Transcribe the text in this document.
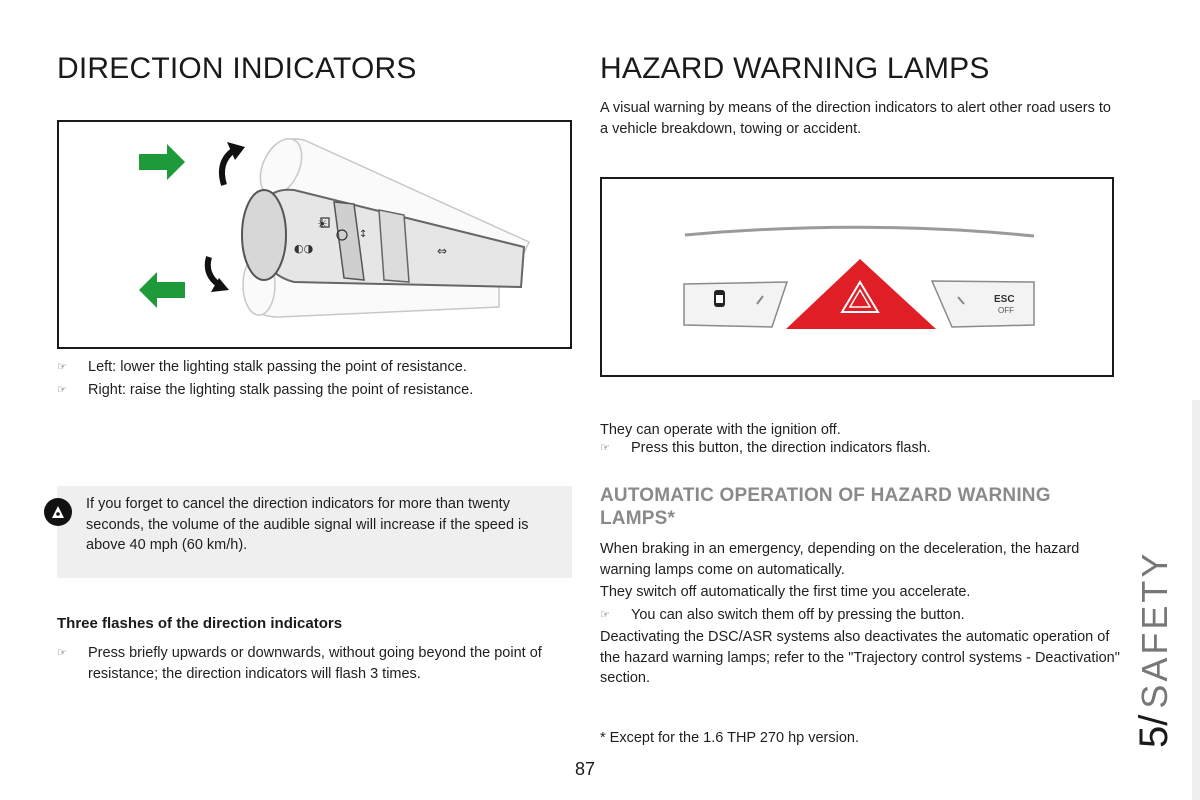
DIRECTION INDICATORS
☀
◐◑
↕
⇔
☞ Left: lower the lighting stalk passing the point of resistance.
☞ Right: raise the lighting stalk passing the point of resistance.
If you forget to cancel the direction indicators for more than twenty seconds, the volume of the audible signal will increase if the speed is above 40 mph (60 km/h).
Three flashes of the direction indicators
☞ Press briefly upwards or downwards, without going beyond the point of resistance; the direction indicators will flash 3 times.
HAZARD WARNING LAMPS
A visual warning by means of the direction indicators to alert other road users to a vehicle breakdown, towing or accident.
ESC
OFF
☞ Press this button, the direction indicators flash.
They can operate with the ignition off.
AUTOMATIC OPERATION OF HAZARD WARNING LAMPS*
When braking in an emergency, depending on the deceleration, the hazard warning lamps come on automatically.
They switch off automatically the first time you accelerate.
☞ You can also switch them off by pressing the button.
Deactivating the DSC/ASR systems also deactivates the automatic operation of the hazard warning lamps; refer to the "Trajectory control systems - Deactivation" section.
* Except for the 1.6 THP 270 hp version.
87
5/SAFETY
